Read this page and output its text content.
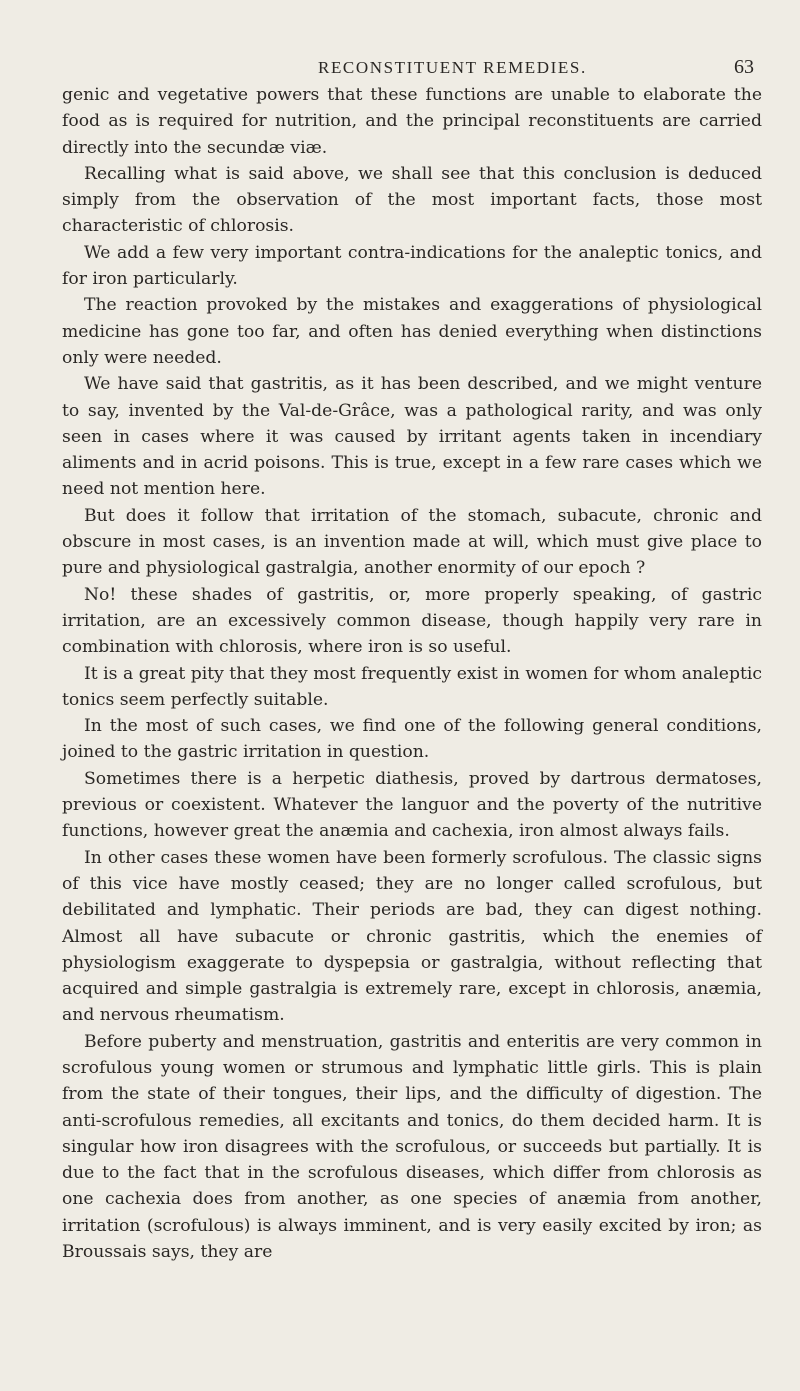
RECONSTITUENT REMEDIES.	63

genic and vegetative powers that these functions are unable to elaborate the food as is required for nutrition, and the principal reconstituents are carried directly into the secundæ viæ.

Recalling what is said above, we shall see that this conclusion is deduced simply from the observation of the most important facts, those most characteristic of chlorosis.

We add a few very important contra-indications for the analeptic tonics, and for iron particularly.

The reaction provoked by the mistakes and exaggerations of physiological medicine has gone too far, and often has denied everything when distinctions only were needed.

We have said that gastritis, as it has been described, and we might venture to say, invented by the Val-de-Grâce, was a pathological rarity, and was only seen in cases where it was caused by irritant agents taken in incendiary aliments and in acrid poisons. This is true, except in a few rare cases which we need not mention here.

But does it follow that irritation of the stomach, subacute, chronic and obscure in most cases, is an invention made at will, which must give place to pure and physiological gastralgia, another enormity of our epoch ?

No! these shades of gastritis, or, more properly speaking, of gastric irritation, are an excessively common disease, though happily very rare in combination with chlorosis, where iron is so useful.

It is a great pity that they most frequently exist in women for whom analeptic tonics seem perfectly suitable.

In the most of such cases, we find one of the following general conditions, joined to the gastric irritation in question.

Sometimes there is a herpetic diathesis, proved by dartrous dermatoses, previous or coexistent. Whatever the languor and the poverty of the nutritive functions, however great the anæmia and cachexia, iron almost always fails.

In other cases these women have been formerly scrofulous. The classic signs of this vice have mostly ceased; they are no longer called scrofulous, but debilitated and lymphatic. Their periods are bad, they can digest nothing. Almost all have subacute or chronic gastritis, which the enemies of physiologism exaggerate to dyspepsia or gastralgia, without reflecting that acquired and simple gastralgia is extremely rare, except in chlorosis, anæmia, and nervous rheumatism.

Before puberty and menstruation, gastritis and enteritis are very common in scrofulous young women or strumous and lymphatic little girls. This is plain from the state of their tongues, their lips, and the difficulty of digestion. The anti-scrofulous remedies, all excitants and tonics, do them decided harm. It is singular how iron disagrees with the scrofulous, or succeeds but partially. It is due to the fact that in the scrofulous diseases, which differ from chlorosis as one cachexia does from another, as one species of anæmia from another, irritation (scrofulous) is always imminent, and is very easily excited by iron; as Broussais says, they are
